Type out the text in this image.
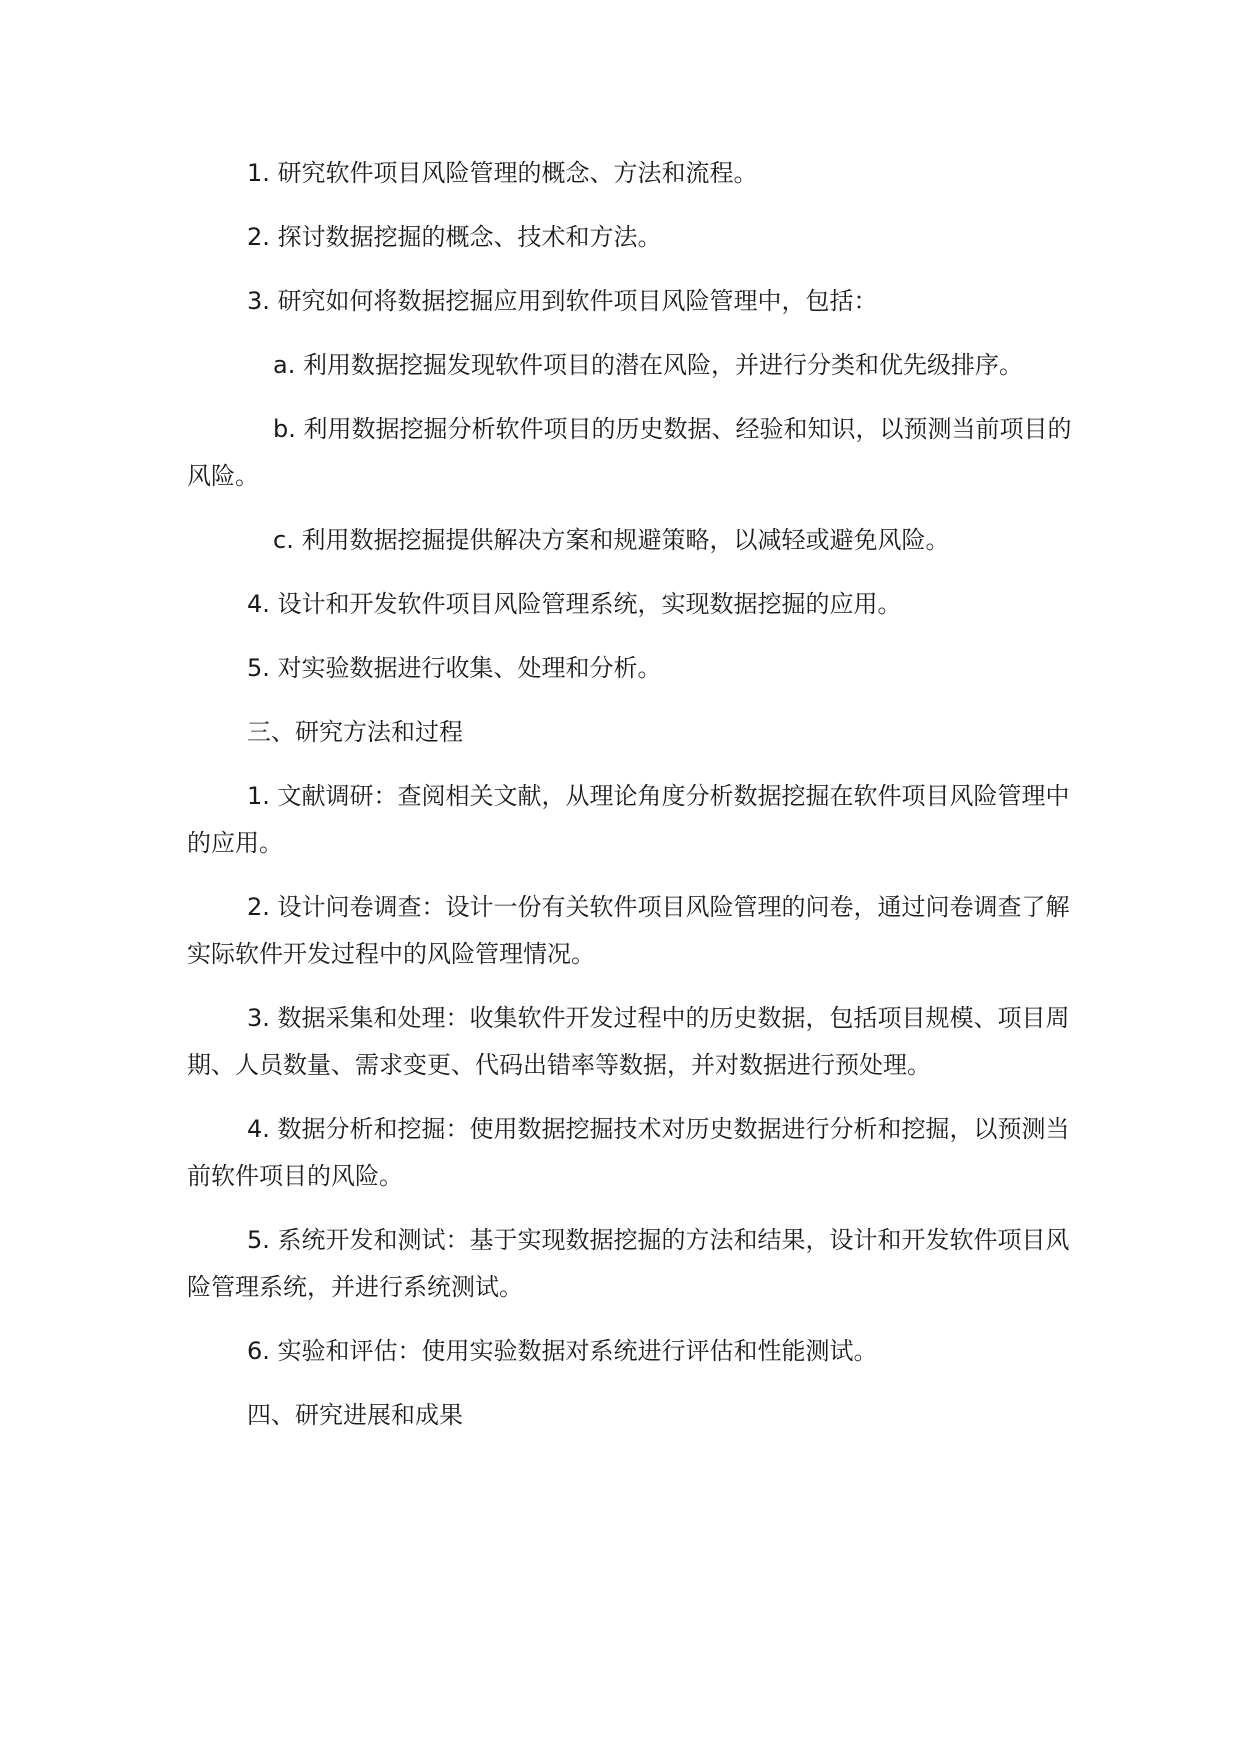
1. 研究软件项目风险管理的概念、方法和流程。

2. 探讨数据挖掘的概念、技术和方法。

3. 研究如何将数据挖掘应用到软件项目风险管理中，包括：

a. 利用数据挖掘发现软件项目的潜在风险，并进行分类和优先级排序。

b. 利用数据挖掘分析软件项目的历史数据、经验和知识，以预测当前项目的风险。

c. 利用数据挖掘提供解决方案和规避策略，以减轻或避免风险。

4. 设计和开发软件项目风险管理系统，实现数据挖掘的应用。

5. 对实验数据进行收集、处理和分析。

三、研究方法和过程

1. 文献调研：查阅相关文献，从理论角度分析数据挖掘在软件项目风险管理中的应用。

2. 设计问卷调查：设计一份有关软件项目风险管理的问卷，通过问卷调查了解实际软件开发过程中的风险管理情况。

3. 数据采集和处理：收集软件开发过程中的历史数据，包括项目规模、项目周期、人员数量、需求变更、代码出错率等数据，并对数据进行预处理。

4. 数据分析和挖掘：使用数据挖掘技术对历史数据进行分析和挖掘，以预测当前软件项目的风险。

5. 系统开发和测试：基于实现数据挖掘的方法和结果，设计和开发软件项目风险管理系统，并进行系统测试。

6. 实验和评估：使用实验数据对系统进行评估和性能测试。

四、研究进展和成果
